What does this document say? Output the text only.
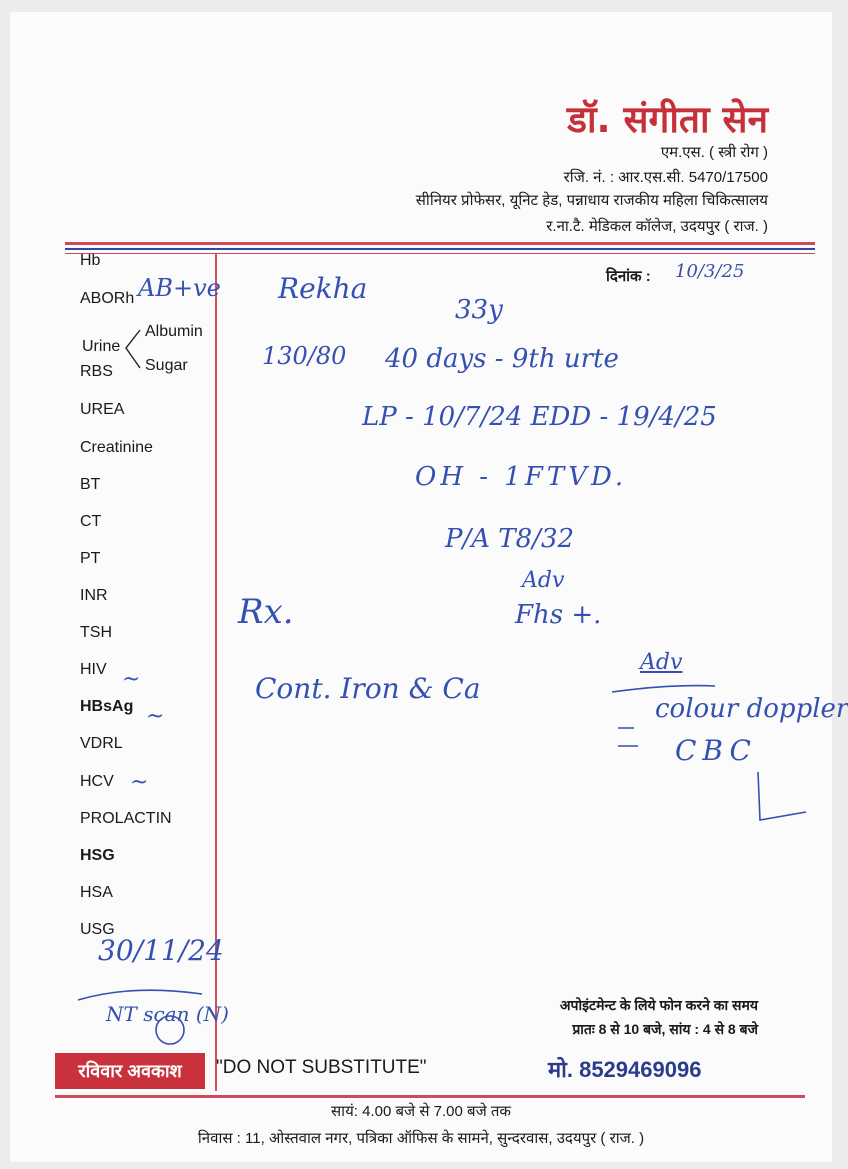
डॉ. संगीता सेन
एम.एस. ( स्त्री रोग )
रजि. नं. : आर.एस.सी. 5470/17500
सीनियर प्रोफेसर, यूनिट हेड, पन्नाधाय राजकीय महिला चिकित्सालय
र.ना.टै. मेडिकल कॉलेज, उदयपुर ( राज. )
दिनांक : 10/3/25
Hb
ABORh
Urine
Albumin
Sugar
RBS
UREA
Creatinine
BT
CT
PT
INR
TSH
HIV
HBsAg
VDRL
HCV
PROLACTIN
HSG
HSA
USG
AB+ve Rekha
33y
130/80 40 days - 9th urte
LP - 10/7/24 EDD - 19/4/25
OH - 1FTVD.
P/A T8/32
Adv
Fhs +.
Rx.
Cont. Iron & Ca
Adv
colour doppler
CBC
~
~
~
30/11/24
NT scan (N)
रविवार अवकाश	"DO NOT SUBSTITUTE"
अपोइंटमेन्ट के लिये फोन करने का समय
प्रातः 8 से 10 बजे, सांय : 4 से 8 बजे
मो. 8529469096
सायं: 4.00 बजे से 7.00 बजे तक
निवास : 11, ओस्तवाल नगर, पत्रिका ऑफिस के सामने, सुन्दरवास, उदयपुर ( राज. )
